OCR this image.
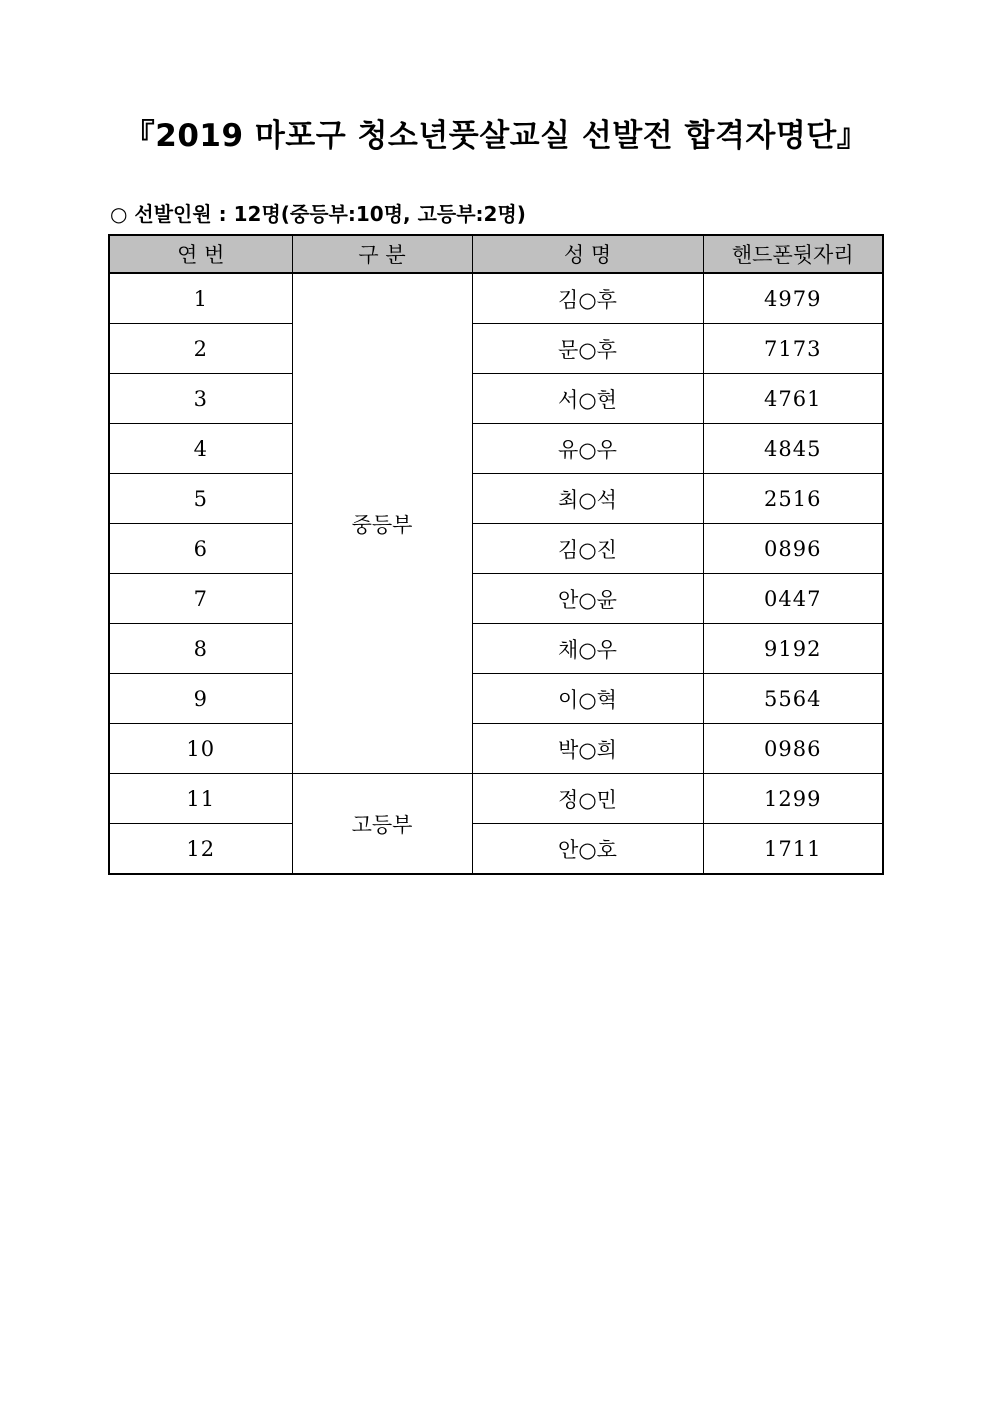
『2019 마포구 청소년풋살교실 선발전 합격자명단』
○ 선발인원 : 12명(중등부:10명, 고등부:2명)
연 번	구 분	성 명	핸드폰뒷자리
1	중등부	김○후	4979
2		문○후	7173
3		서○현	4761
4		유○우	4845
5		최○석	2516
6		김○진	0896
7		안○윤	0447
8		채○우	9192
9		이○혁	5564
10		박○희	0986
11	고등부	정○민	1299
12		안○호	1711
